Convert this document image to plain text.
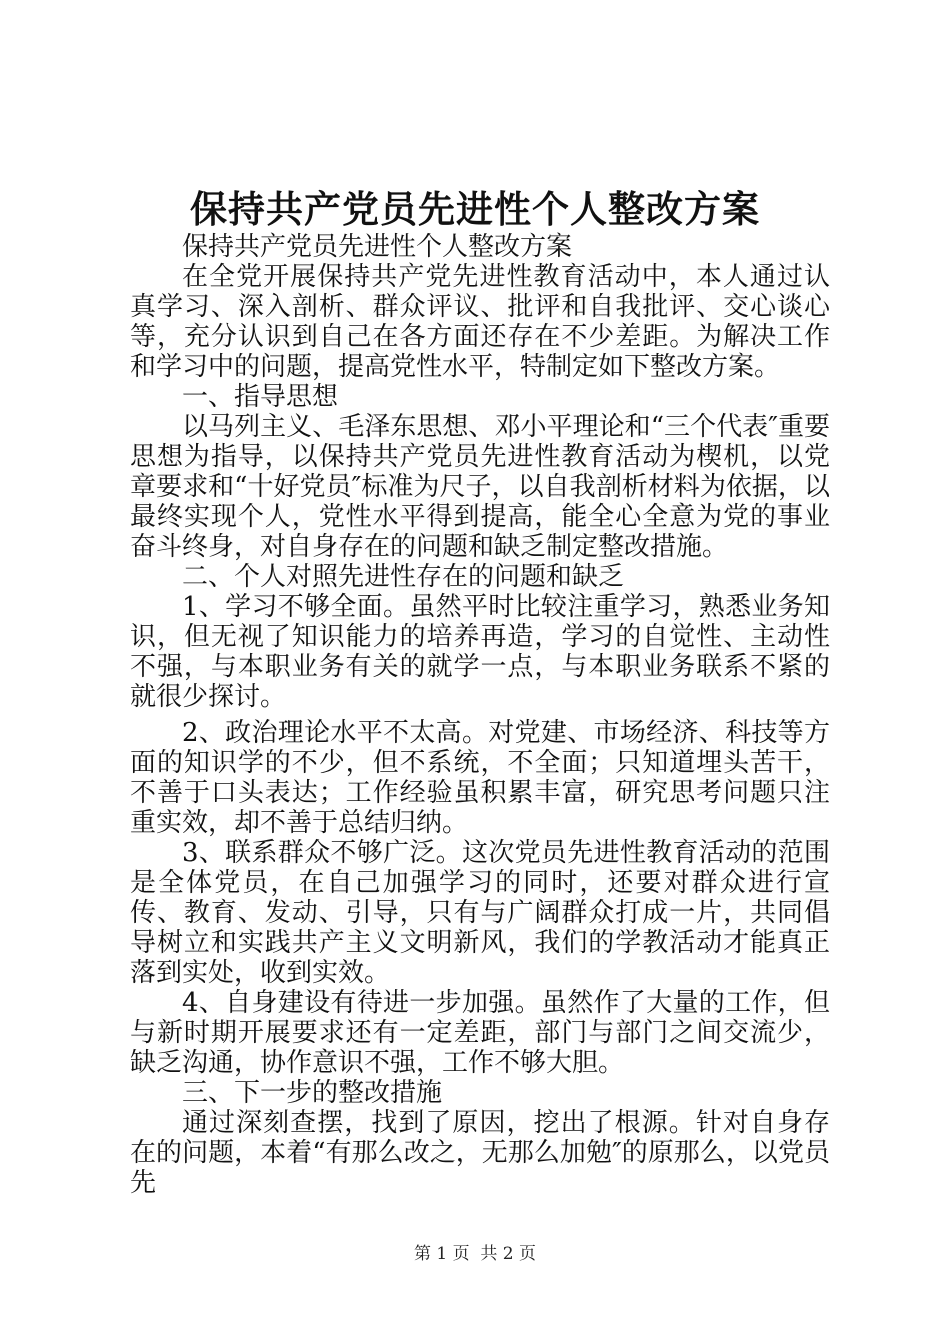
保持共产党员先进性个人整改方案

保持共产党员先进性个人整改方案

在全党开展保持共产党先进性教育活动中，本人通过认真学习、深入剖析、群众评议、批评和自我批评、交心谈心等，充分认识到自己在各方面还存在不少差距。为解决工作和学习中的问题，提高党性水平，特制定如下整改方案。

一、指导思想

以马列主义、毛泽东思想、邓小平理论和“三个代表″重要思想为指导，以保持共产党员先进性教育活动为楔机，以党章要求和“十好党员″标准为尺子，以自我剖析材料为依据，以最终实现个人，党性水平得到提高，能全心全意为党的事业奋斗终身，对自身存在的问题和缺乏制定整改措施。

二、个人对照先进性存在的问题和缺乏

1、学习不够全面。虽然平时比较注重学习，熟悉业务知识，但无视了知识能力的培养再造，学习的自觉性、主动性不强，与本职业务有关的就学一点，与本职业务联系不紧的就很少探讨。

2、政治理论水平不太高。对党建、市场经济、科技等方面的知识学的不少，但不系统，不全面；只知道埋头苦干，不善于口头表达；工作经验虽积累丰富，研究思考问题只注重实效，却不善于总结归纳。

3、联系群众不够广泛。这次党员先进性教育活动的范围是全体党员，在自己加强学习的同时，还要对群众进行宣传、教育、发动、引导，只有与广阔群众打成一片，共同倡导树立和实践共产主义文明新风，我们的学教活动才能真正落到实处，收到实效。

4、自身建设有待进一步加强。虽然作了大量的工作，但与新时期开展要求还有一定差距，部门与部门之间交流少，缺乏沟通，协作意识不强，工作不够大胆。

三、下一步的整改措施

通过深刻查摆，找到了原因，挖出了根源。针对自身存在的问题，本着“有那么改之，无那么加勉″的原那么，以党员先

第 1 页  共 2 页
